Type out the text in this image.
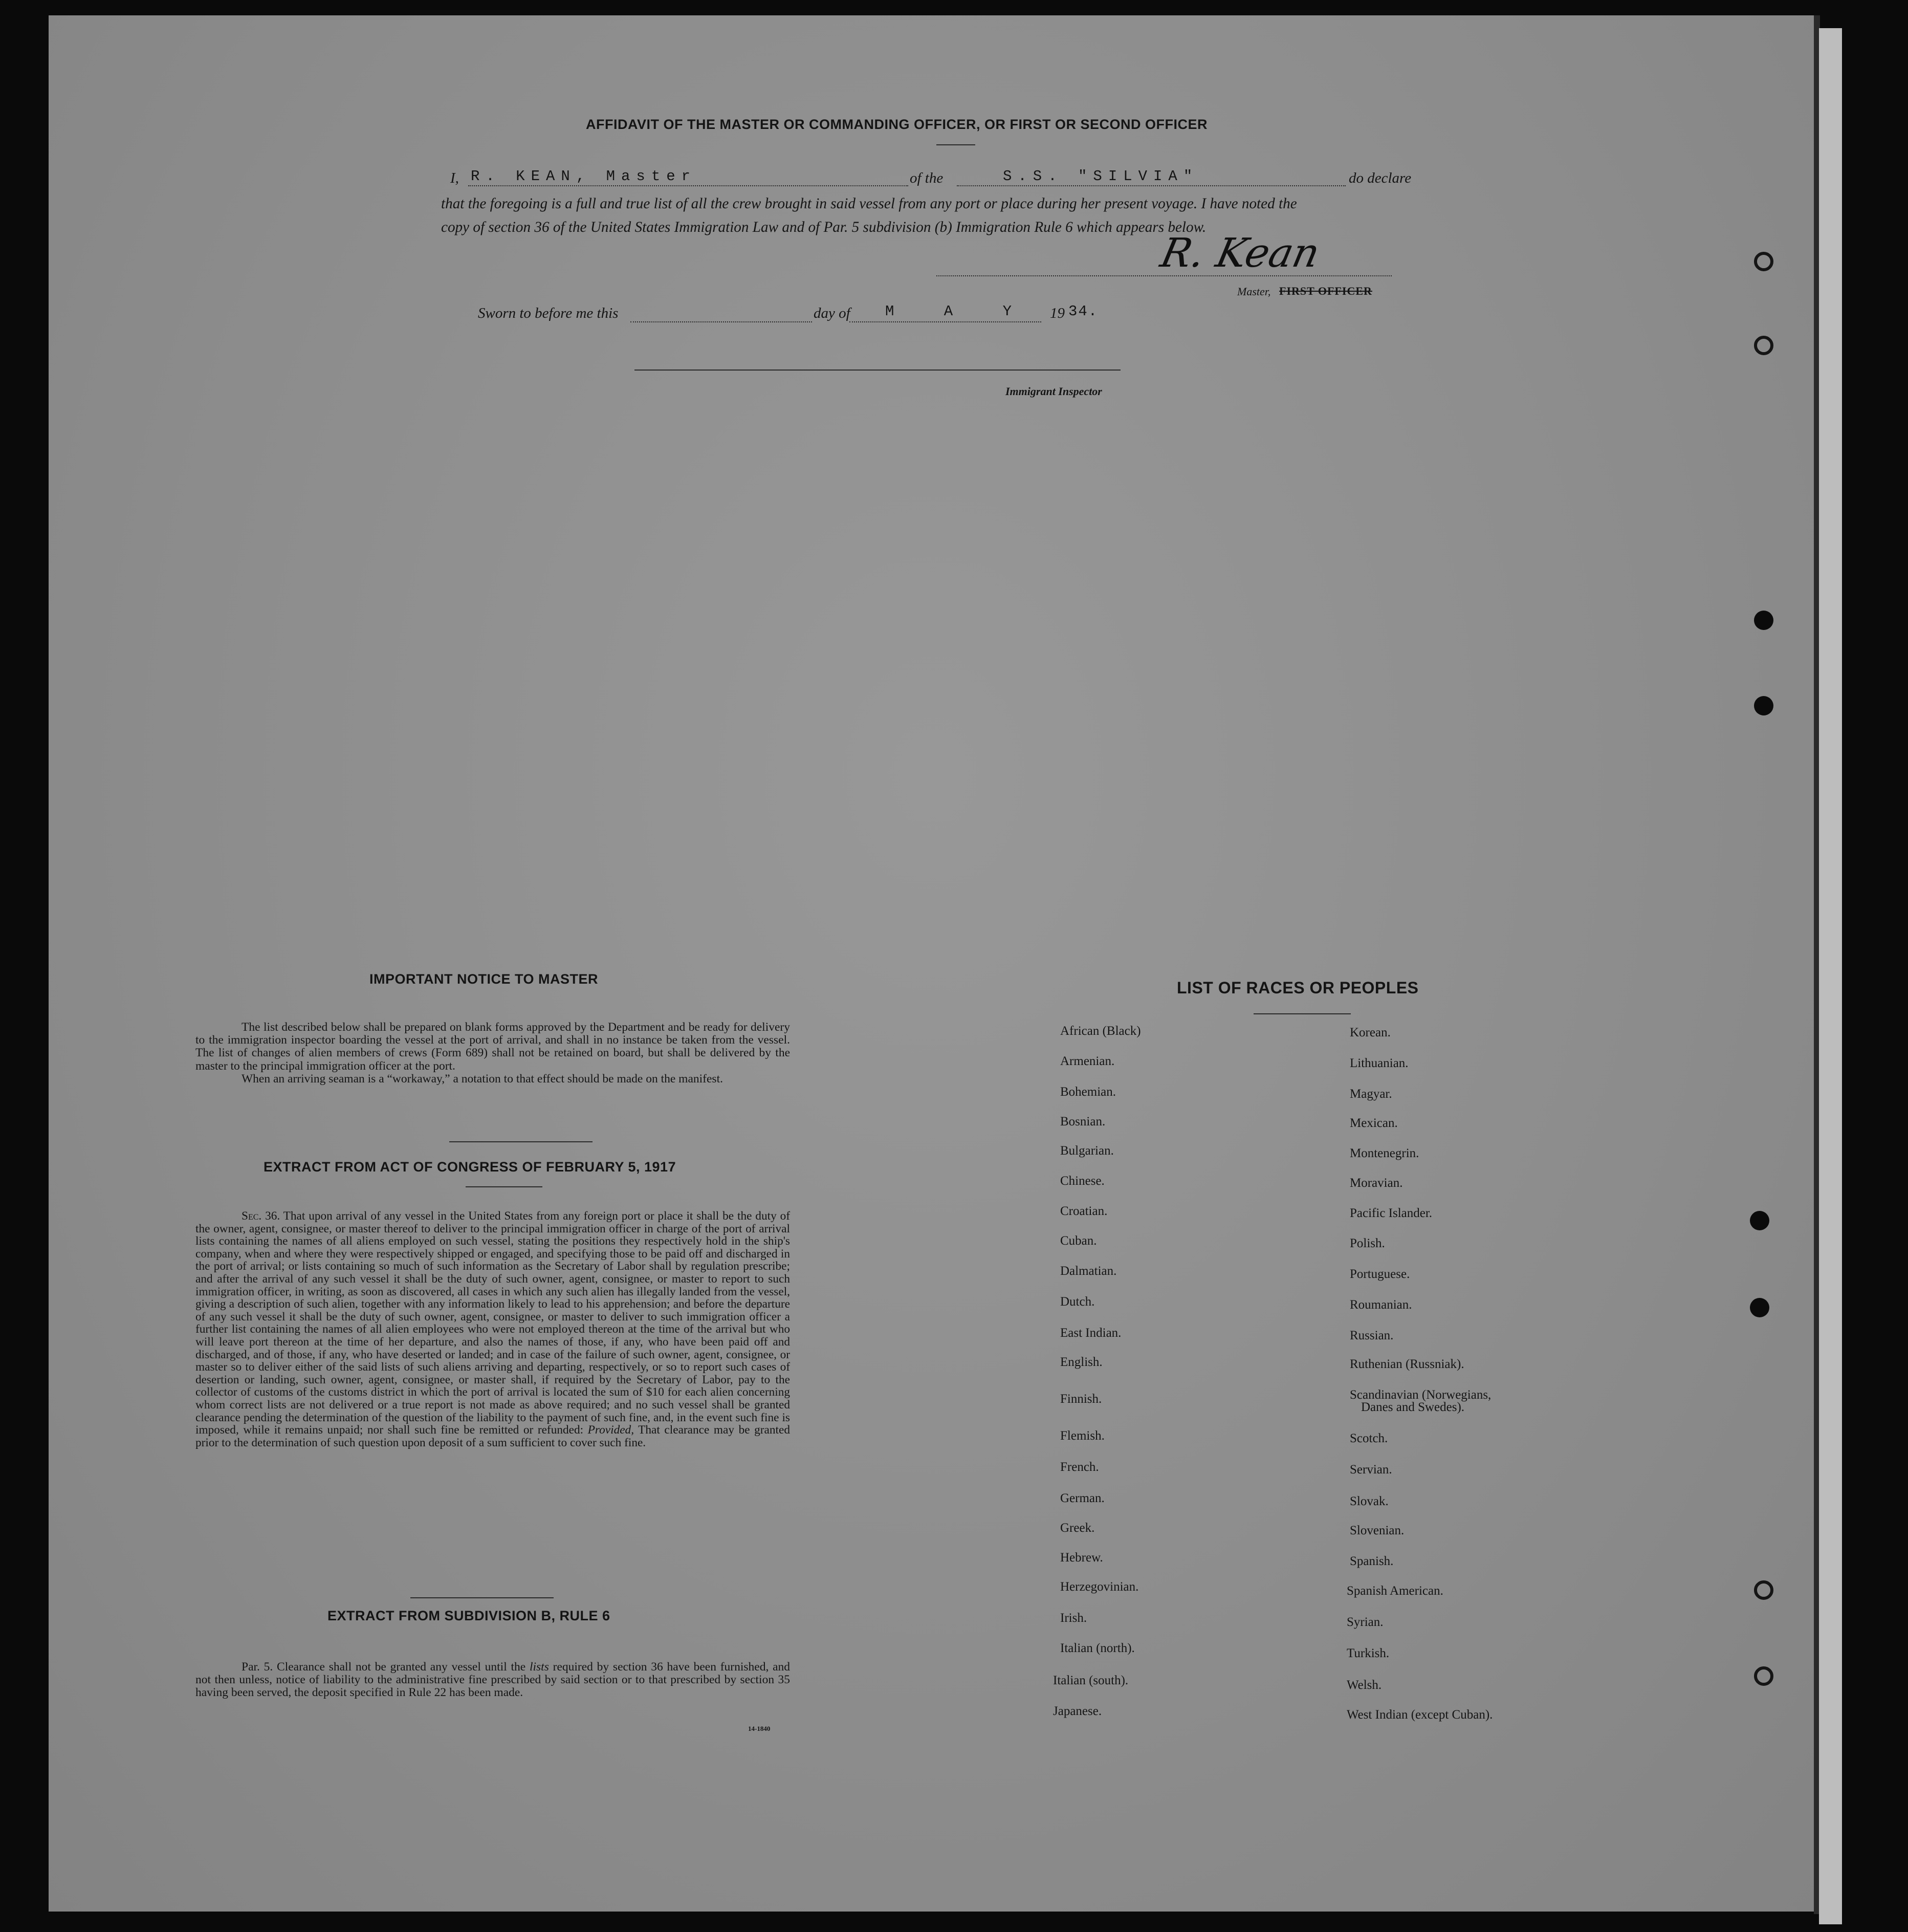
AFFIDAVIT OF THE MASTER OR COMMANDING OFFICER, OR FIRST OR SECOND OFFICER
I, R. KEAN, Master	of the	S.S. "SILVIA"	do declare
that the foregoing is a full and true list of all the crew brought in said vessel from any port or place during her present voyage. I have noted the
copy of section 36 of the United States Immigration Law and of Par. 5 subdivision (b) Immigration Rule 6 which appears below.
R. Kean
Master, FIRST OFFICER
Sworn to before me this	day of M A Y 19 34.
Immigrant Inspector
IMPORTANT NOTICE TO MASTER

The list described below shall be prepared on blank forms approved by the Department and be ready for delivery to the immigration inspector boarding the vessel at the port of arrival, and shall in no instance be taken from the vessel. The list of changes of alien members of crews (Form 689) shall not be retained on board, but shall be delivered by the master to the principal immigration officer at the port.

When an arriving seaman is a “workaway,” a notation to that effect should be made on the manifest.

EXTRACT FROM ACT OF CONGRESS OF FEBRUARY 5, 1917

Sec. 36. That upon arrival of any vessel in the United States from any foreign port or place it shall be the duty of the owner, agent, consignee, or master thereof to deliver to the principal immigration officer in charge of the port of arrival lists containing the names of all aliens employed on such vessel, stating the positions they respectively hold in the ship's company, when and where they were respectively shipped or engaged, and specifying those to be paid off and discharged in the port of arrival; or lists containing so much of such information as the Secretary of Labor shall by regulation prescribe; and after the arrival of any such vessel it shall be the duty of such owner, agent, consignee, or master to report to such immigration officer, in writing, as soon as discovered, all cases in which any such alien has illegally landed from the vessel, giving a description of such alien, together with any information likely to lead to his apprehension; and before the departure of any such vessel it shall be the duty of such owner, agent, consignee, or master to deliver to such immigration officer a further list containing the names of all alien employees who were not employed thereon at the time of the arrival but who will leave port thereon at the time of her departure, and also the names of those, if any, who have been paid off and discharged, and of those, if any, who have deserted or landed; and in case of the failure of such owner, agent, consignee, or master so to deliver either of the said lists of such aliens arriving and departing, respectively, or so to report such cases of desertion or landing, such owner, agent, consignee, or master shall, if required by the Secretary of Labor, pay to the collector of customs of the customs district in which the port of arrival is located the sum of $10 for each alien concerning whom correct lists are not delivered or a true report is not made as above required; and no such vessel shall be granted clearance pending the determination of the question of the liability to the payment of such fine, and, in the event such fine is imposed, while it remains unpaid; nor shall such fine be remitted or refunded: Provided, That clearance may be granted prior to the determination of such question upon deposit of a sum sufficient to cover such fine.

EXTRACT FROM SUBDIVISION B, RULE 6

Par. 5. Clearance shall not be granted any vessel until the lists required by section 36 have been furnished, and not then unless, notice of liability to the administrative fine prescribed by said section or to that prescribed by section 35 having been served, the deposit specified in Rule 22 has been made.

14-1840
LIST OF RACES OR PEOPLES
African (Black)
Armenian.
Bohemian.
Bosnian.
Bulgarian.
Chinese.
Croatian.
Cuban.
Dalmatian.
Dutch.
East Indian.
English.
Finnish.
Flemish.
French.
German.
Greek.
Hebrew.
Herzegovinian.
Irish.
Italian (north).
Italian (south).
Japanese.
Korean.
Lithuanian.
Magyar.
Mexican.
Montenegrin.
Moravian.
Pacific Islander.
Polish.
Portuguese.
Roumanian.
Russian.
Ruthenian (Russniak).
Scandinavian (Norwegians,
Danes and Swedes).
Scotch.
Servian.
Slovak.
Slovenian.
Spanish.
Spanish American.
Syrian.
Turkish.
Welsh.
West Indian (except Cuban).
